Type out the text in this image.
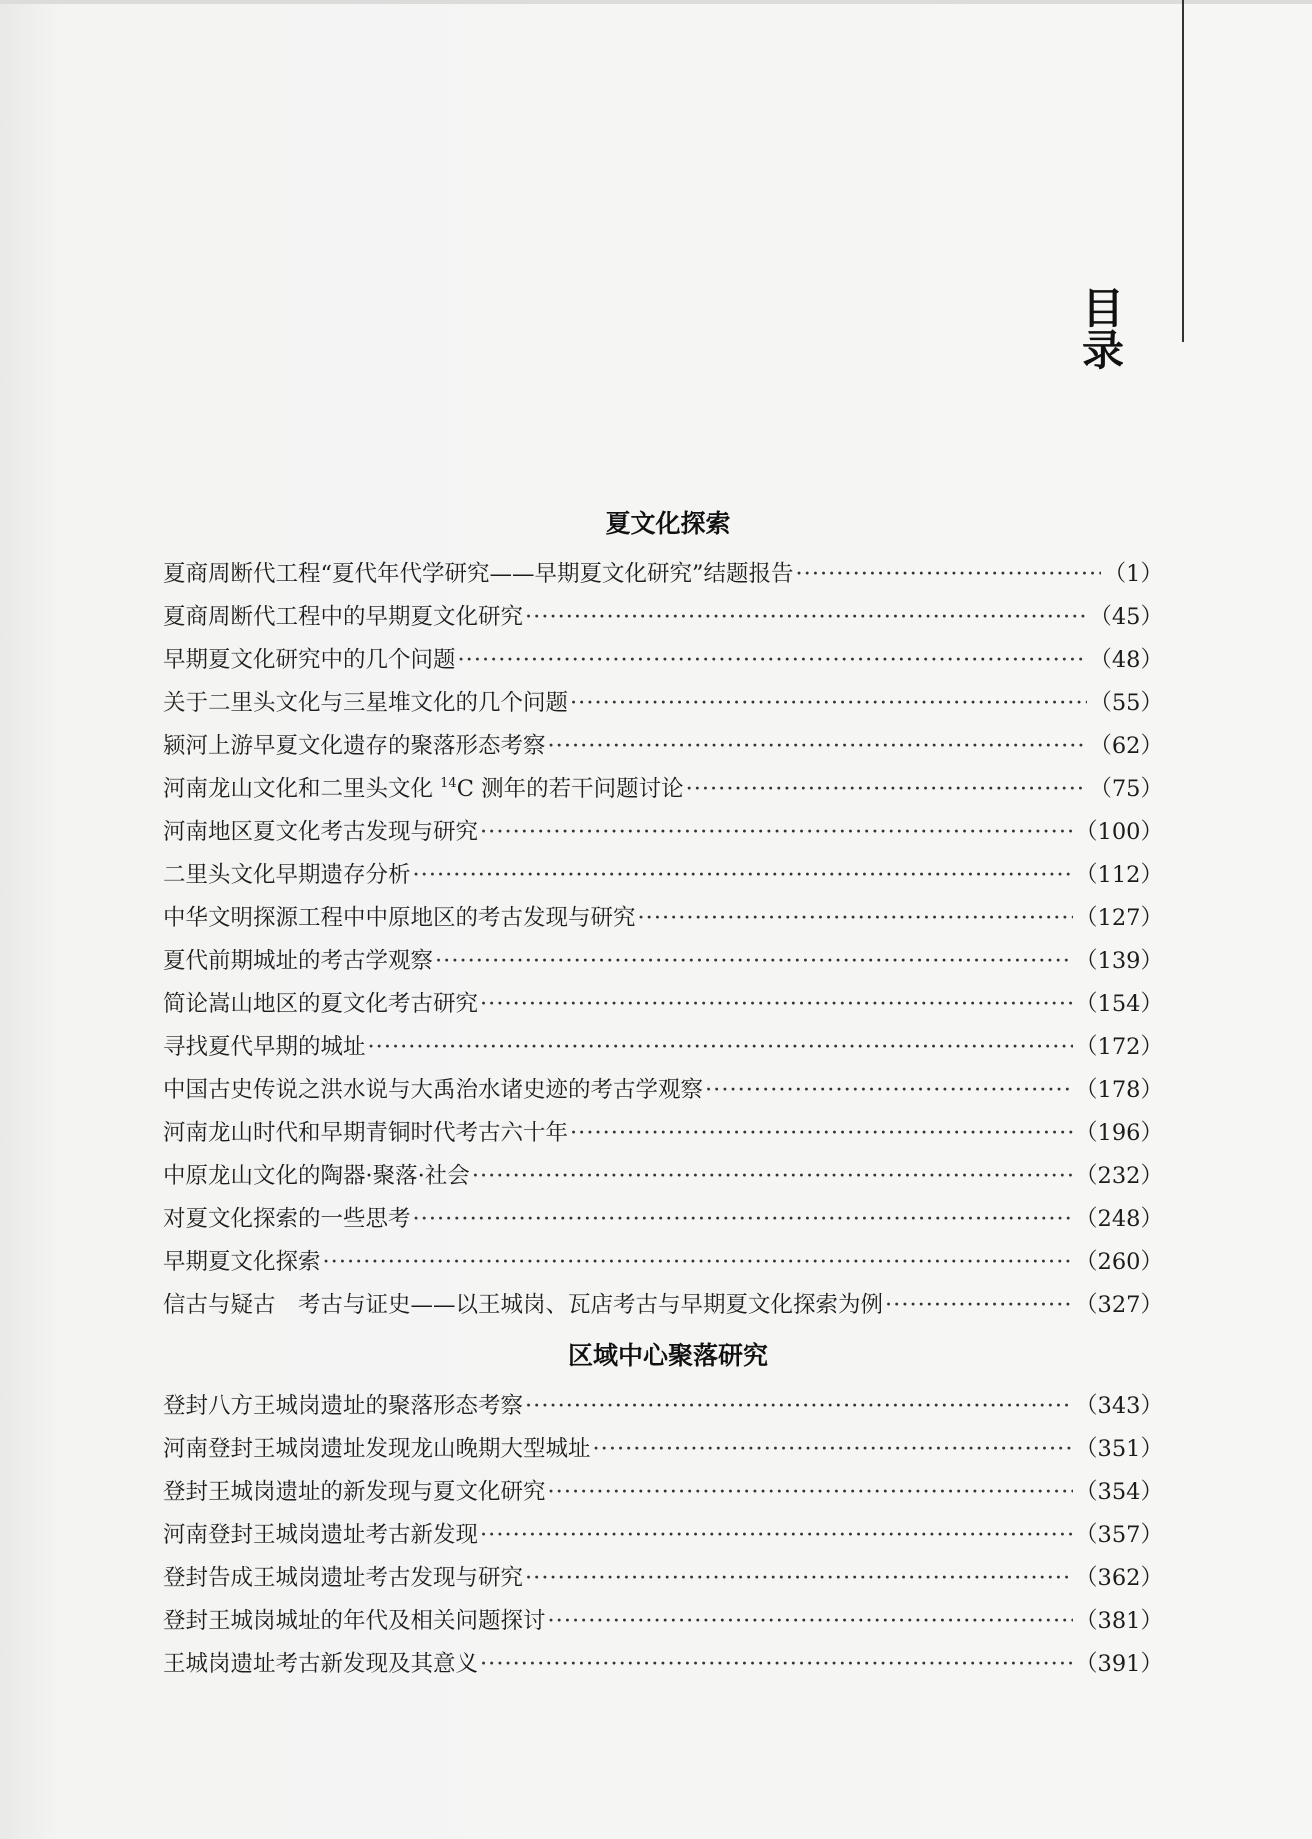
目录
夏文化探索
夏商周断代工程“夏代年代学研究——早期夏文化研究”结题报告 ·····	（1）
夏商周断代工程中的早期夏文化研究 ·····	（45）
早期夏文化研究中的几个问题 ·····	（48）
关于二里头文化与三星堆文化的几个问题 ·····	（55）
颍河上游早夏文化遗存的聚落形态考察 ·····	（62）
河南龙山文化和二里头文化 $^{14}$C 测年的若干问题讨论 ·····	（75）
河南地区夏文化考古发现与研究 ·····	（100）
二里头文化早期遗存分析 ·····	（112）
中华文明探源工程中中原地区的考古发现与研究 ·····	（127）
夏代前期城址的考古学观察 ·····	（139）
简论嵩山地区的夏文化考古研究 ·····	（154）
寻找夏代早期的城址 ·····	（172）
中国古史传说之洪水说与大禹治水诸史迹的考古学观察 ·····	（178）
河南龙山时代和早期青铜时代考古六十年 ·····	（196）
中原龙山文化的陶器·聚落·社会 ·····	（232）
对夏文化探索的一些思考 ·····	（248）
早期夏文化探索 ·····	（260）
信古与疑古　考古与证史——以王城岗、瓦店考古与早期夏文化探索为例 ·····	（327）
区域中心聚落研究
登封八方王城岗遗址的聚落形态考察 ·····	（343）
河南登封王城岗遗址发现龙山晚期大型城址 ·····	（351）
登封王城岗遗址的新发现与夏文化研究 ·····	（354）
河南登封王城岗遗址考古新发现 ·····	（357）
登封告成王城岗遗址考古发现与研究 ·····	（362）
登封王城岗城址的年代及相关问题探讨 ·····	（381）
王城岗遗址考古新发现及其意义 ·····	（391）
